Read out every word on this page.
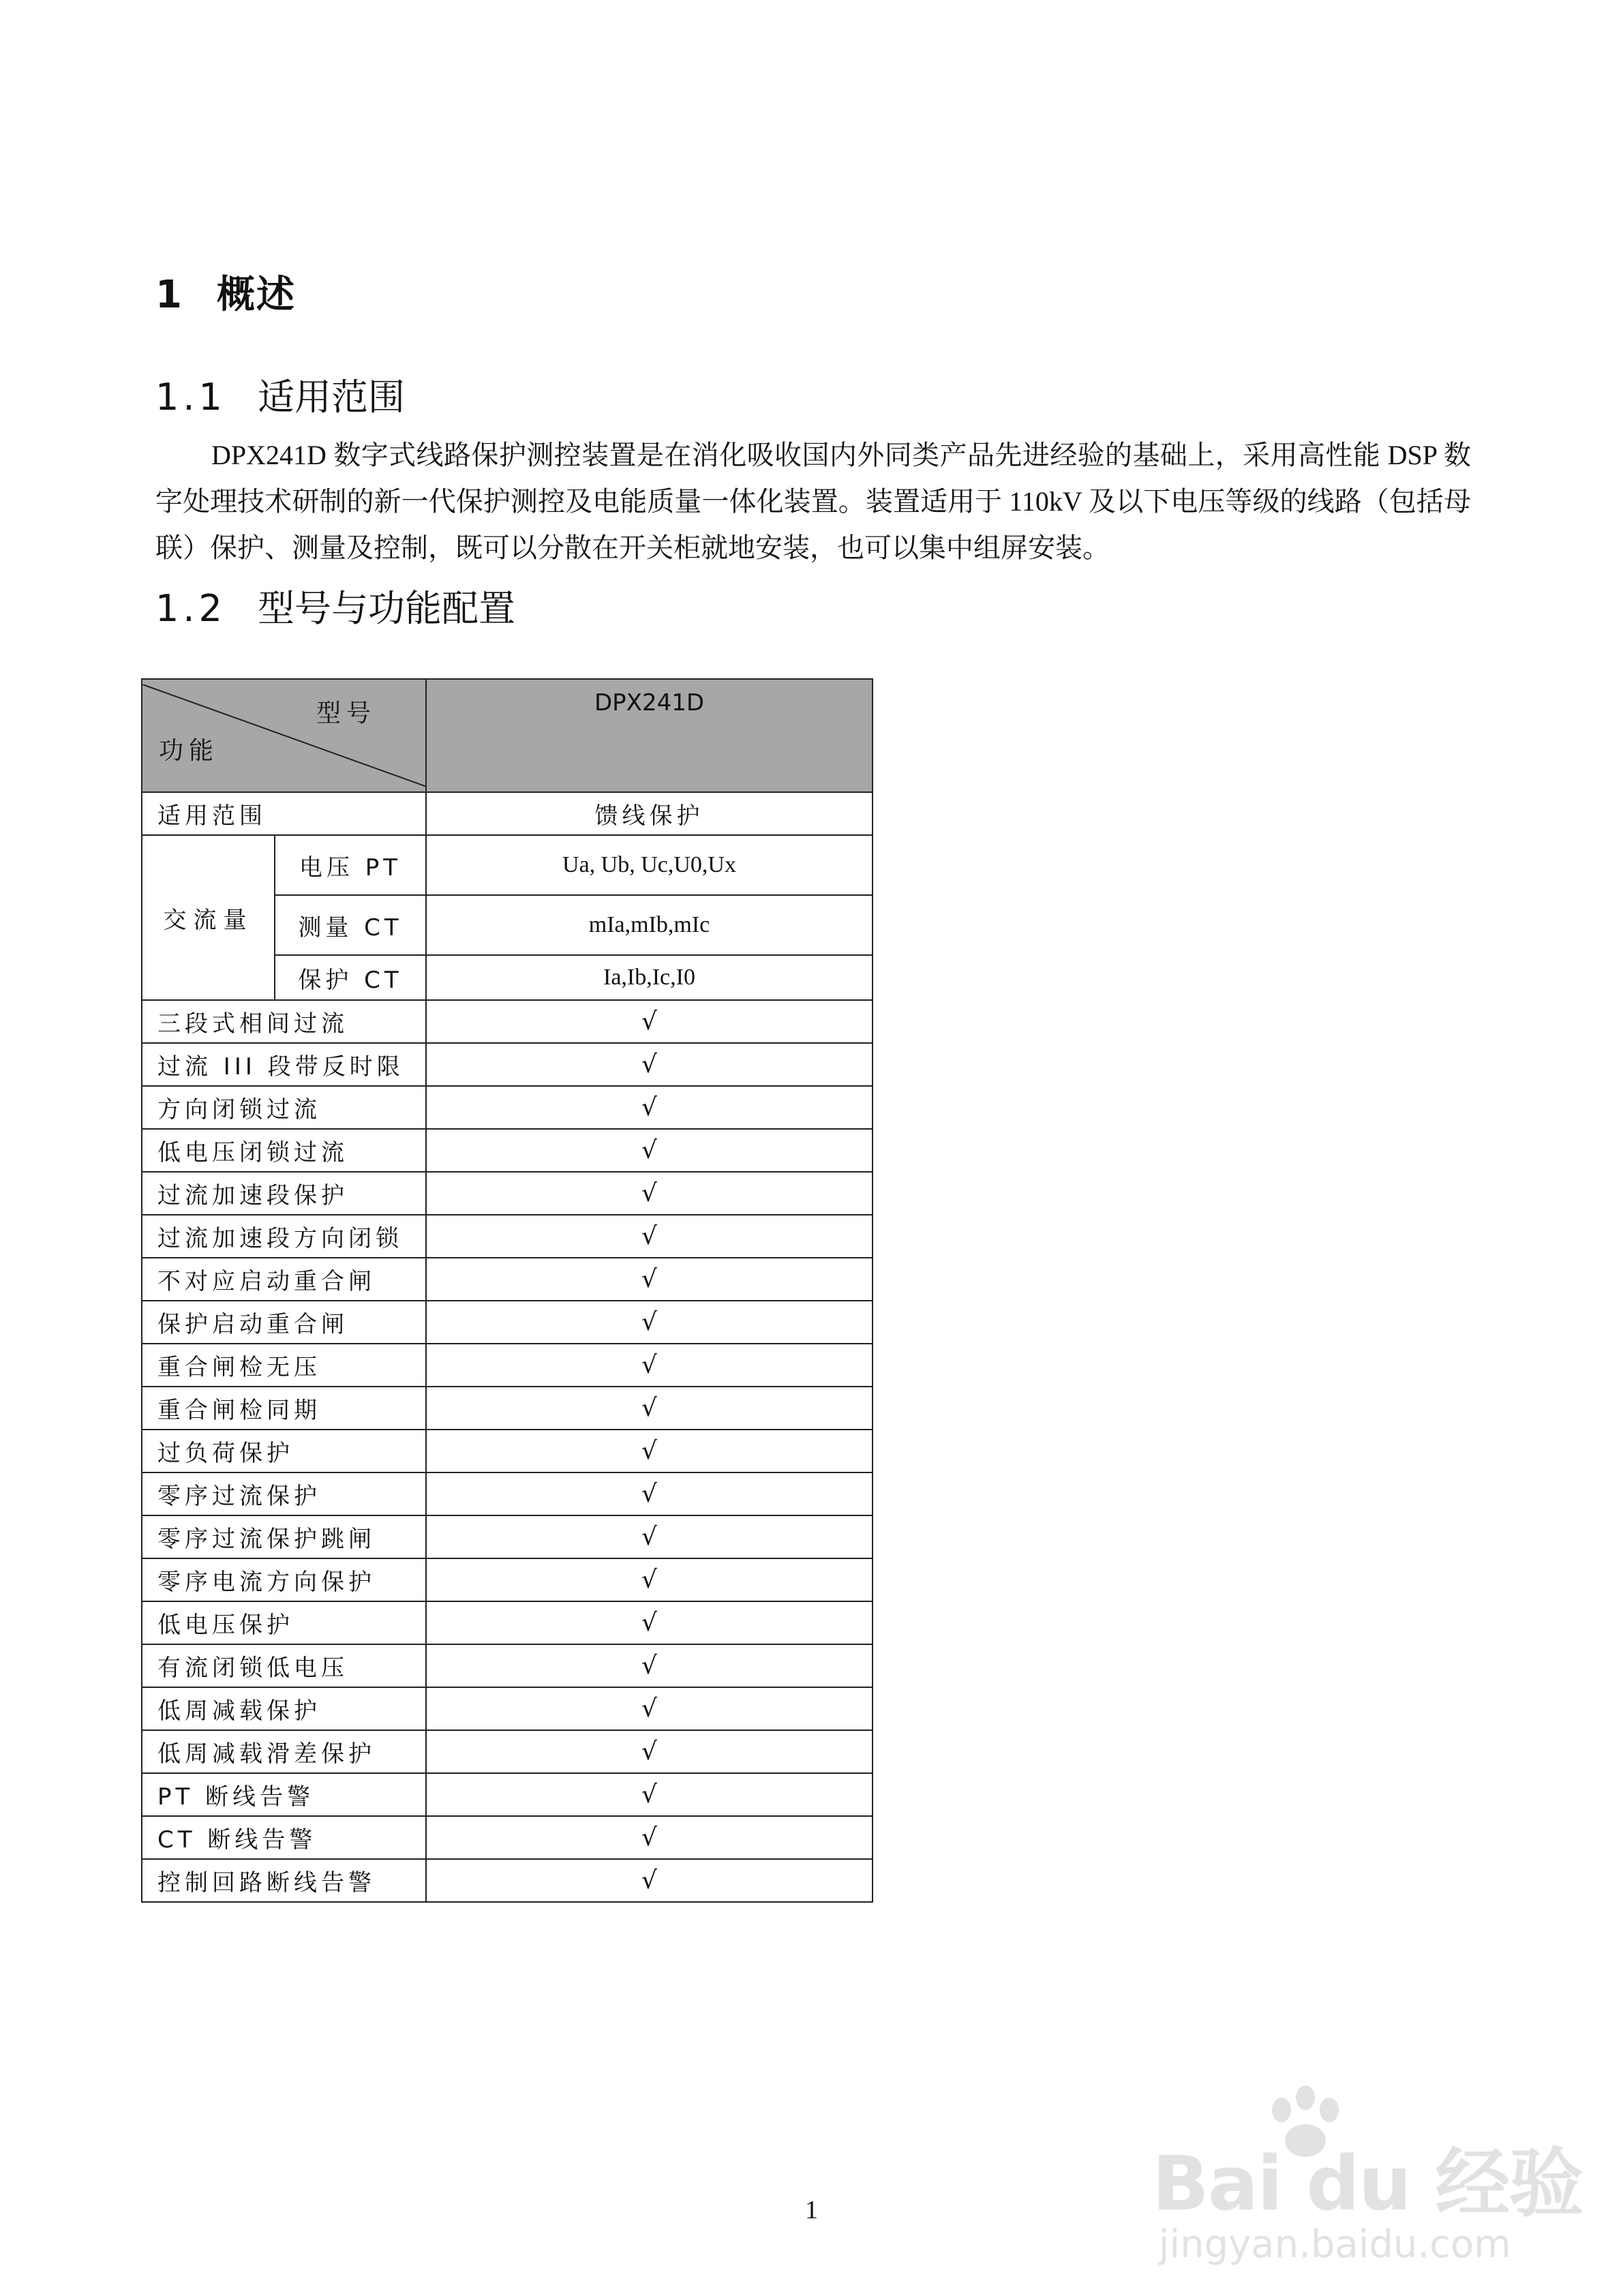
1 概述
1.1 适用范围
DPX241D 数字式线路保护测控装置是在消化吸收国内外同类产品先进经验的基础上，采用高性能 DSP 数字处理技术研制的新一代保护测控及电能质量一体化装置。装置适用于 110kV 及以下电压等级的线路（包括母联）保护、测量及控制，既可以分散在开关柜就地安装，也可以集中组屏安装。
1.2 型号与功能配置
型号
功能		DPX241D
适用范围		馈线保护
交流量	电压 PT	Ua, Ub, Uc,U0,Ux
	测量 CT	mIa,mIb,mIc
	保护 CT	Ia,Ib,Ic,I0
三段式相间过流		√
过流 III 段带反时限		√
方向闭锁过流		√
低电压闭锁过流		√
过流加速段保护		√
过流加速段方向闭锁		√
不对应启动重合闸		√
保护启动重合闸		√
重合闸检无压		√
重合闸检同期		√
过负荷保护		√
零序过流保护		√
零序过流保护跳闸		√
零序电流方向保护		√
低电压保护		√
有流闭锁低电压		√
低周减载保护		√
低周减载滑差保护		√
PT 断线告警		√
CT 断线告警		√
控制回路断线告警		√
Bai du 经验
jingyan.baidu.com
1
